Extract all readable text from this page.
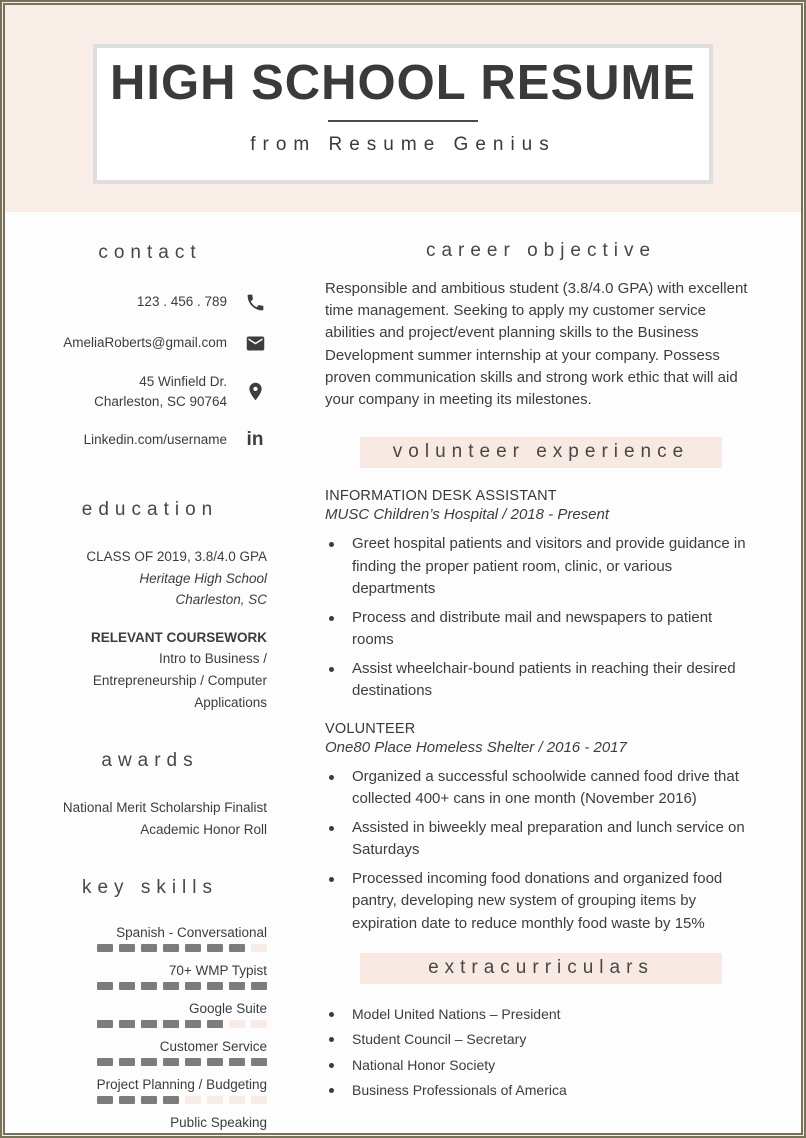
HIGH SCHOOL RESUME
from Resume Genius
contact
123 . 456 . 789
AmeliaRoberts@gmail.com
45 Winfield Dr.
Charleston, SC 90764
Linkedin.com/username in
education
CLASS OF 2019, 3.8/4.0 GPA
Heritage High School
Charleston, SC
RELEVANT COURSEWORK
Intro to Business /
Entrepreneurship / Computer
Applications
awards
National Merit Scholarship Finalist
Academic Honor Roll
key skills
Spanish - Conversational
70+ WMP Typist
Google Suite
Customer Service
Project Planning / Budgeting
Public Speaking
career objective

Responsible and ambitious student (3.8/4.0 GPA) with excellent time management. Seeking to apply my customer service abilities and project/event planning skills to the Business Development summer internship at your company. Possess proven communication skills and strong work ethic that will aid your company in meeting its milestones.

volunteer experience
INFORMATION DESK ASSISTANT
MUSC Children’s Hospital / 2018 - Present
Greet hospital patients and visitors and provide guidance in finding the proper patient room, clinic, or various departments
Process and distribute mail and newspapers to patient rooms
Assist wheelchair-bound patients in reaching their desired destinations
VOLUNTEER
One80 Place Homeless Shelter / 2016 - 2017
Organized a successful schoolwide canned food drive that collected 400+ cans in one month (November 2016)
Assisted in biweekly meal preparation and lunch service on Saturdays
Processed incoming food donations and organized food pantry, developing new system of grouping items by expiration date to reduce monthly food waste by 15%
extracurriculars
Model United Nations – President
Student Council – Secretary
National Honor Society
Business Professionals of America
